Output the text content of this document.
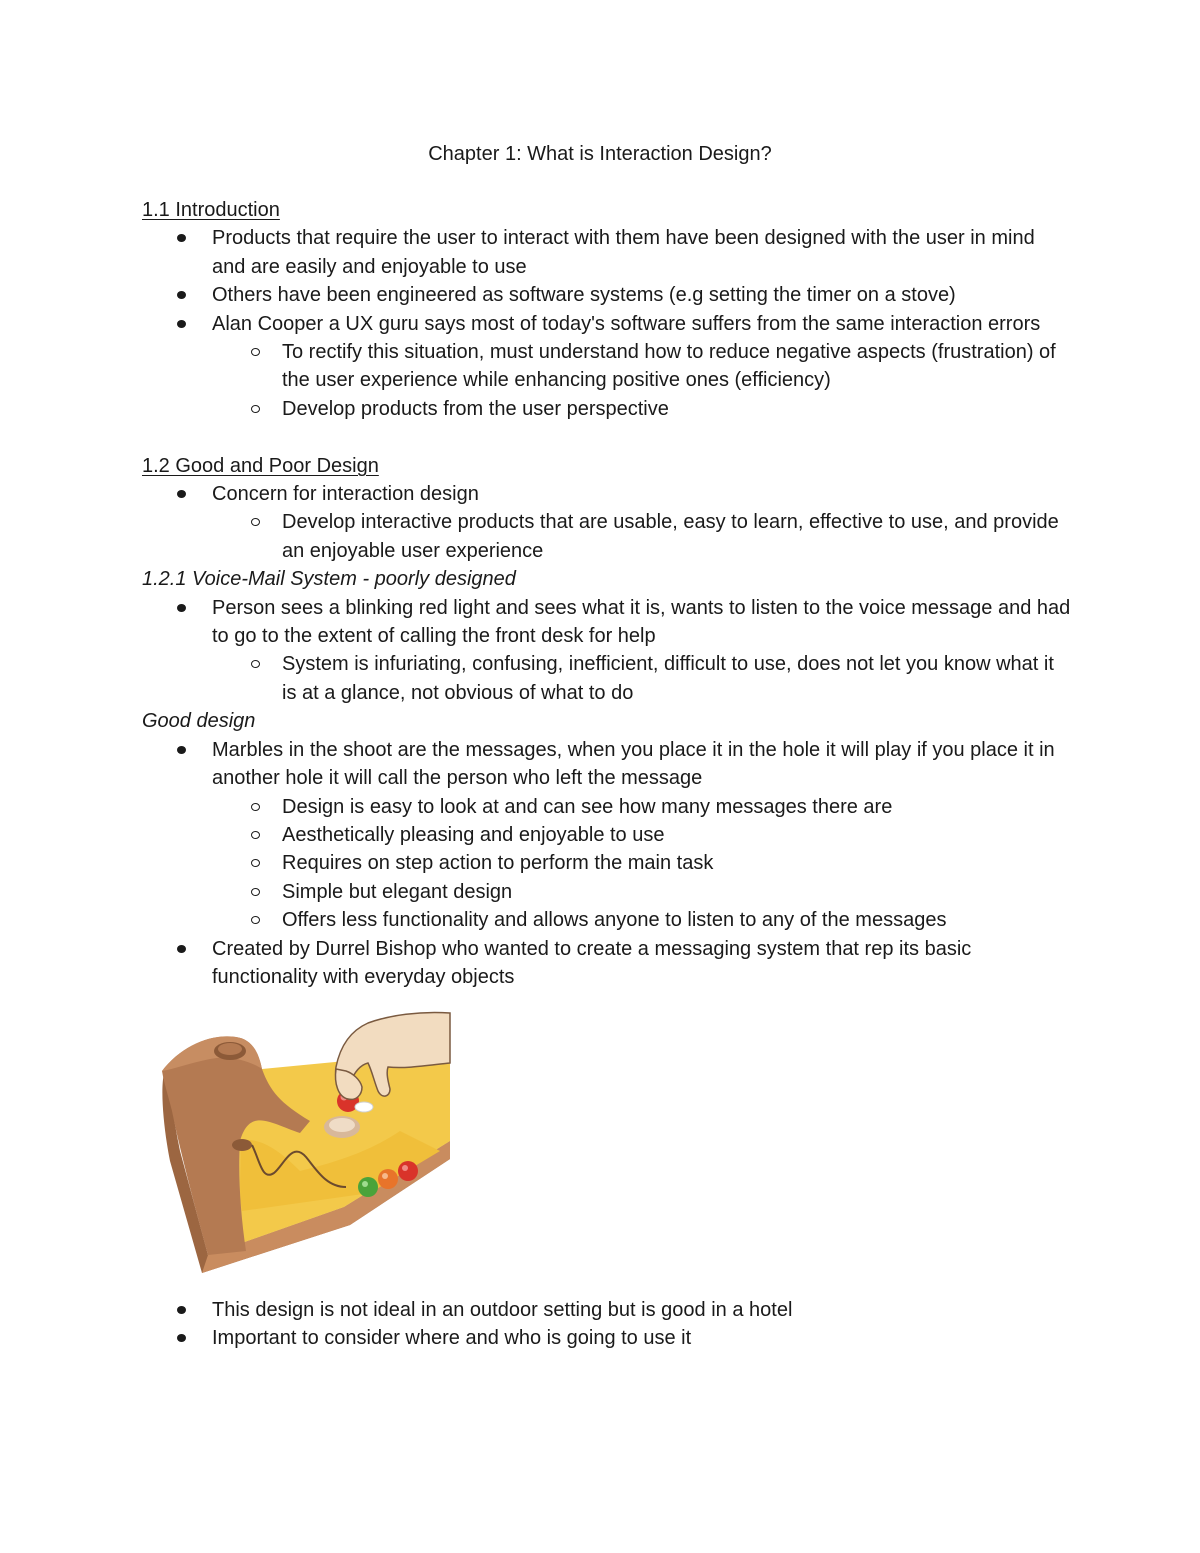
Chapter 1: What is Interaction Design?
1.1 Introduction
Products that require the user to interact with them have been designed with the user in mind and are easily and enjoyable to use
Others have been engineered as software systems (e.g setting the timer on a stove)
Alan Cooper a UX guru says most of today's software suffers from the same interaction errors
To rectify this situation, must understand how to reduce negative aspects (frustration) of the user experience while enhancing positive ones (efficiency)
Develop products from the user perspective
1.2 Good and Poor Design
Concern for interaction design
Develop interactive products that are usable, easy to learn, effective to use, and provide an enjoyable user experience
1.2.1 Voice-Mail System - poorly designed
Person sees a blinking red light and sees what it is, wants to listen to the voice message and had to go to the extent of calling the front desk for help
System is infuriating, confusing, inefficient, difficult to use, does not let you know what it is at a glance, not obvious of what to do
Good design
Marbles in the shoot are the messages, when you place it in the hole it will play if you place it in another hole it will call the person who left the message
Design is easy to look at and can see how many messages there are
Aesthetically pleasing and enjoyable to use
Requires on step action to perform the main task
Simple but elegant design
Offers less functionality and allows anyone to listen to any of the messages
Created by Durrel Bishop who wanted to create a messaging system that rep its basic functionality with everyday objects
This design is not ideal in an outdoor setting but is good in a hotel
Important to consider where and who is going to use it
